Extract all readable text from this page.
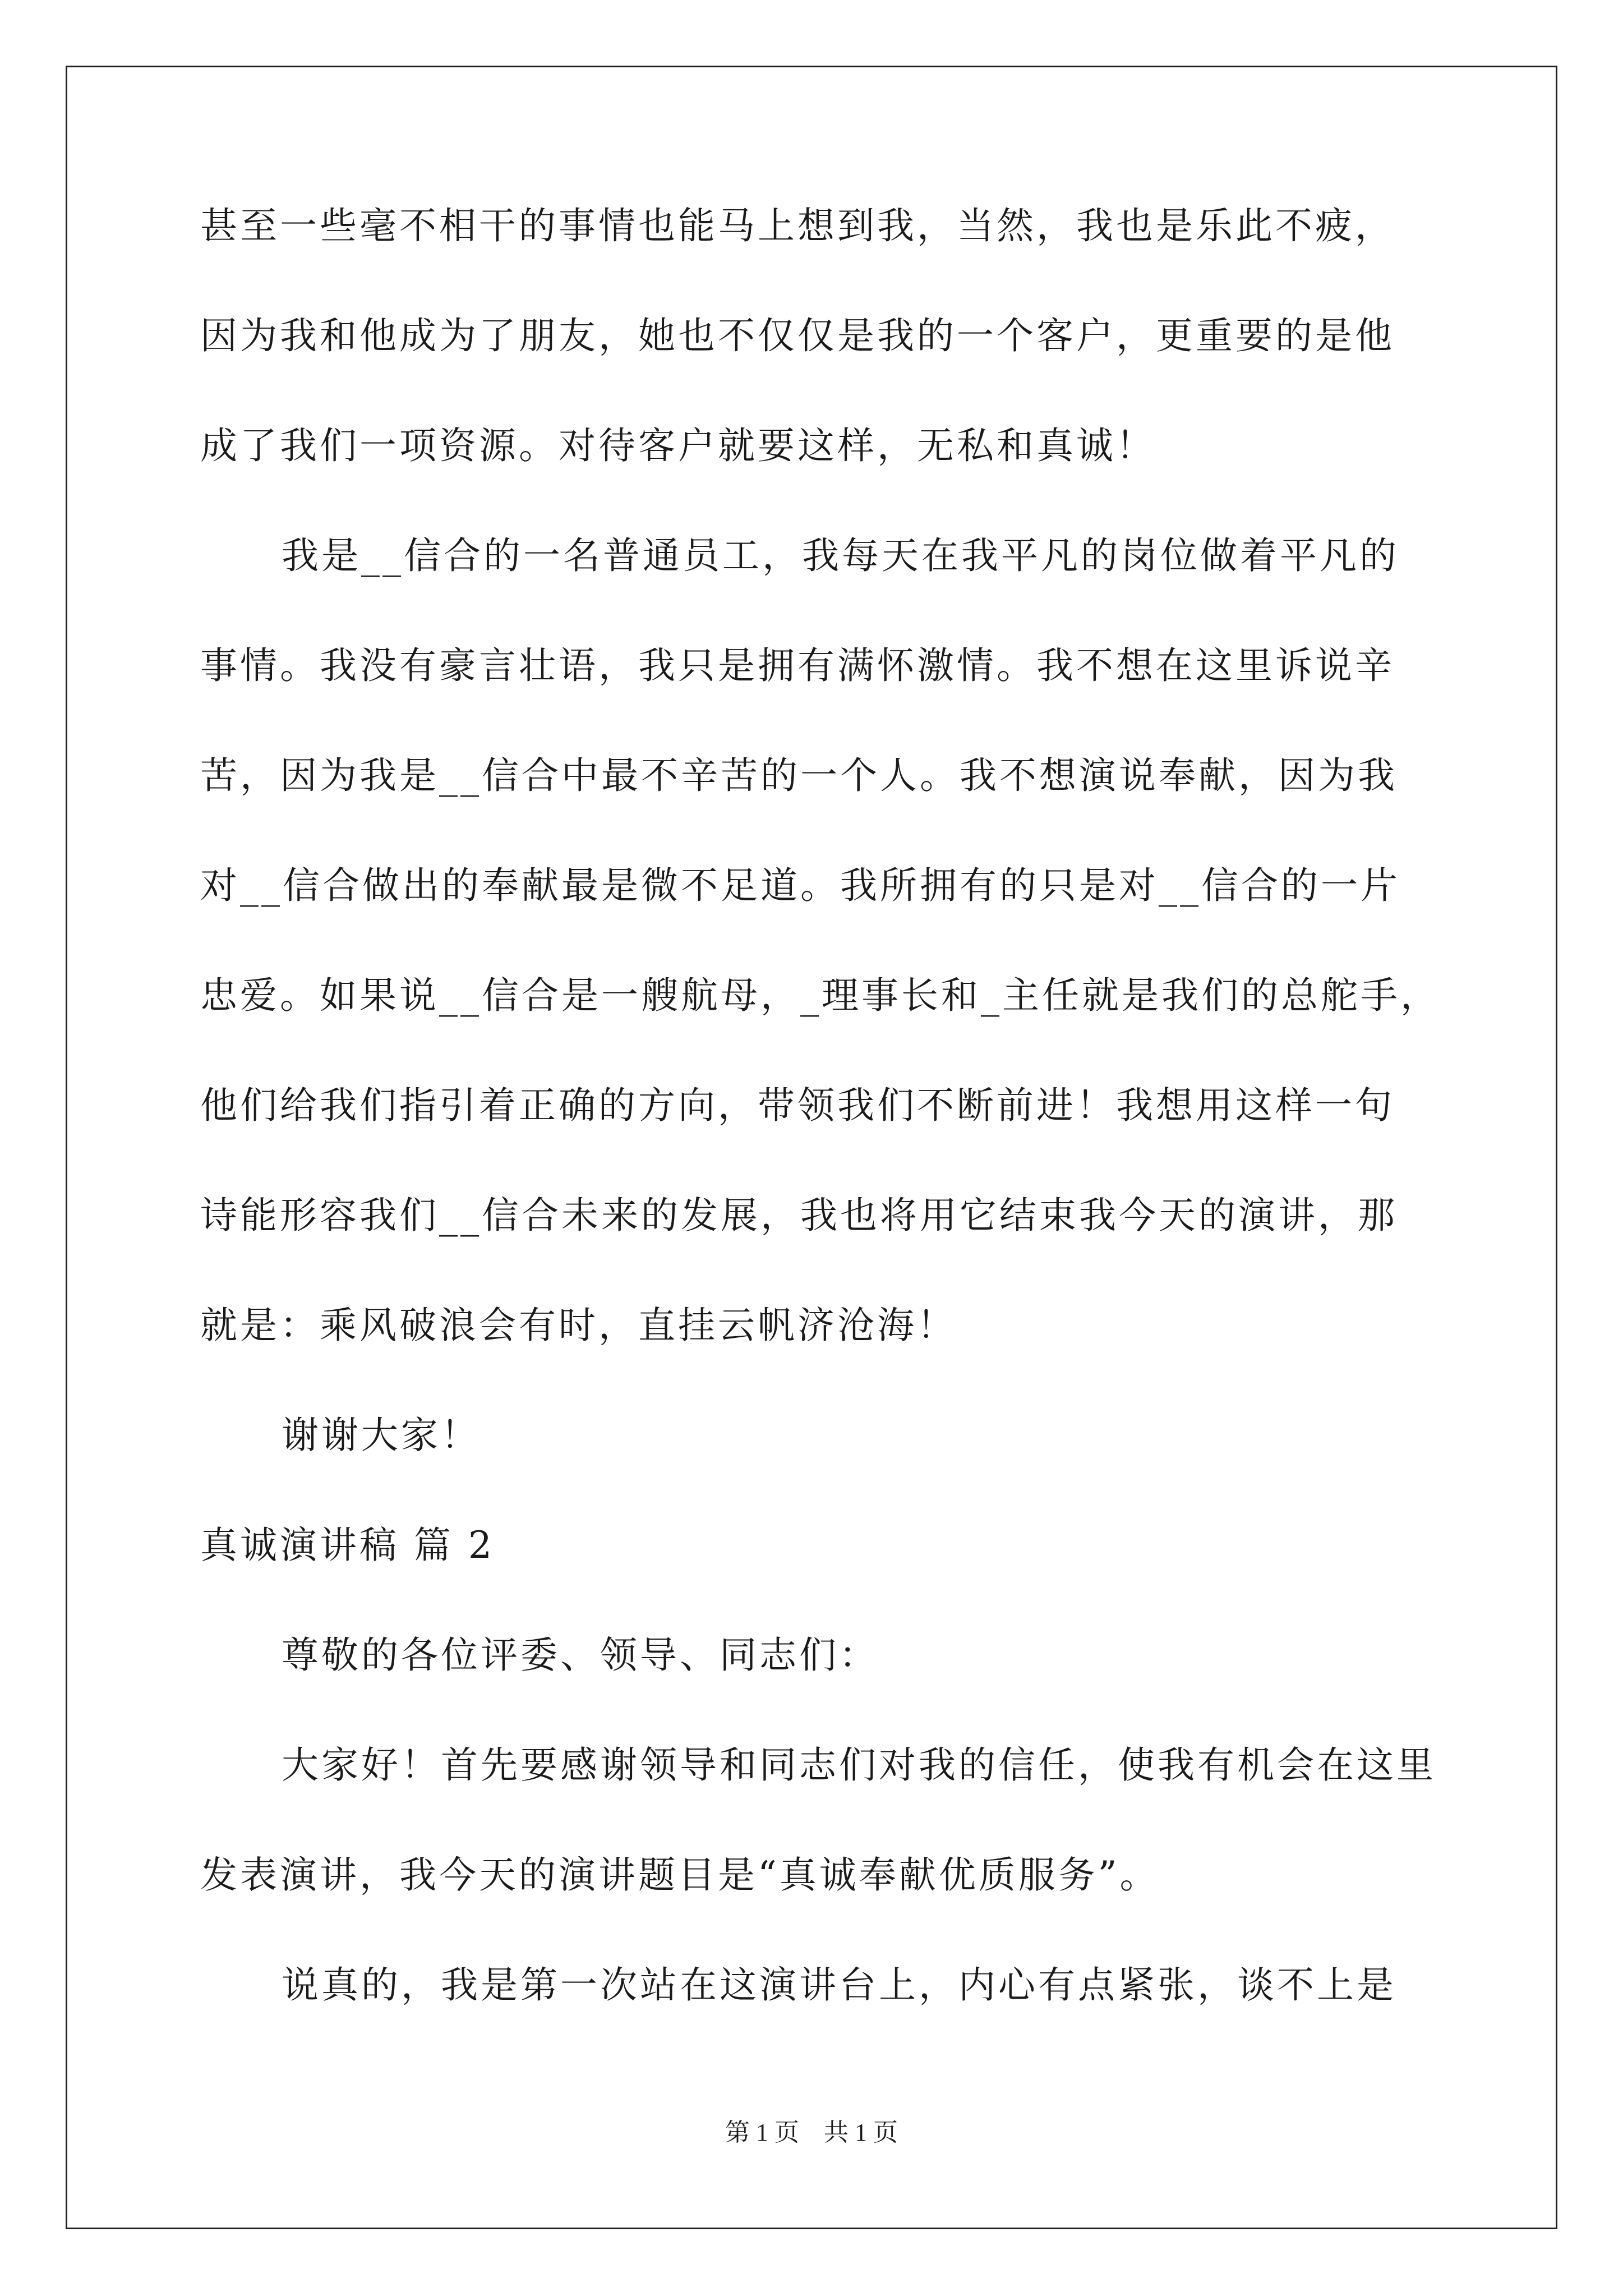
甚至一些毫不相干的事情也能马上想到我，当然，我也是乐此不疲，
因为我和他成为了朋友，她也不仅仅是我的一个客户，更重要的是他
成了我们一项资源。对待客户就要这样，无私和真诚！
我是__信合的一名普通员工，我每天在我平凡的岗位做着平凡的
事情。我没有豪言壮语，我只是拥有满怀激情。我不想在这里诉说辛
苦，因为我是__信合中最不辛苦的一个人。我不想演说奉献，因为我
对__信合做出的奉献最是微不足道。我所拥有的只是对__信合的一片
忠爱。如果说__信合是一艘航母，_理事长和_主任就是我们的总舵手，
他们给我们指引着正确的方向，带领我们不断前进！我想用这样一句
诗能形容我们__信合未来的发展，我也将用它结束我今天的演讲，那
就是：乘风破浪会有时，直挂云帆济沧海！
谢谢大家！
真诚演讲稿 篇 2
尊敬的各位评委、领导、同志们：
大家好！首先要感谢领导和同志们对我的信任，使我有机会在这里
发表演讲，我今天的演讲题目是“真诚奉献优质服务”。
说真的，我是第一次站在这演讲台上，内心有点紧张，谈不上是
第 1 页　共 1 页
